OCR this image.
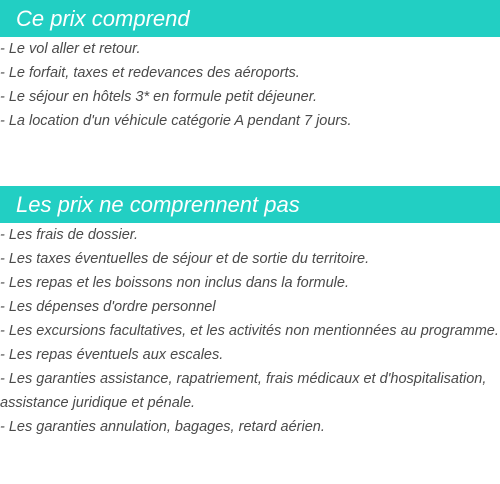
Ce prix comprend
- Le vol aller et retour.
- Le forfait, taxes et redevances des aéroports.
- Le séjour en hôtels 3* en formule petit déjeuner.
- La location d'un véhicule catégorie A pendant 7 jours.
Les prix ne comprennent pas
- Les frais de dossier.
- Les taxes éventuelles de séjour et de sortie du territoire.
- Les repas et les boissons non inclus dans la formule.
- Les dépenses d'ordre personnel
- Les excursions facultatives, et les activités non mentionnées au programme.
- Les repas éventuels aux escales.
- Les garanties assistance, rapatriement, frais médicaux et d'hospitalisation,
assistance juridique et pénale.
- Les garanties annulation, bagages, retard aérien.
